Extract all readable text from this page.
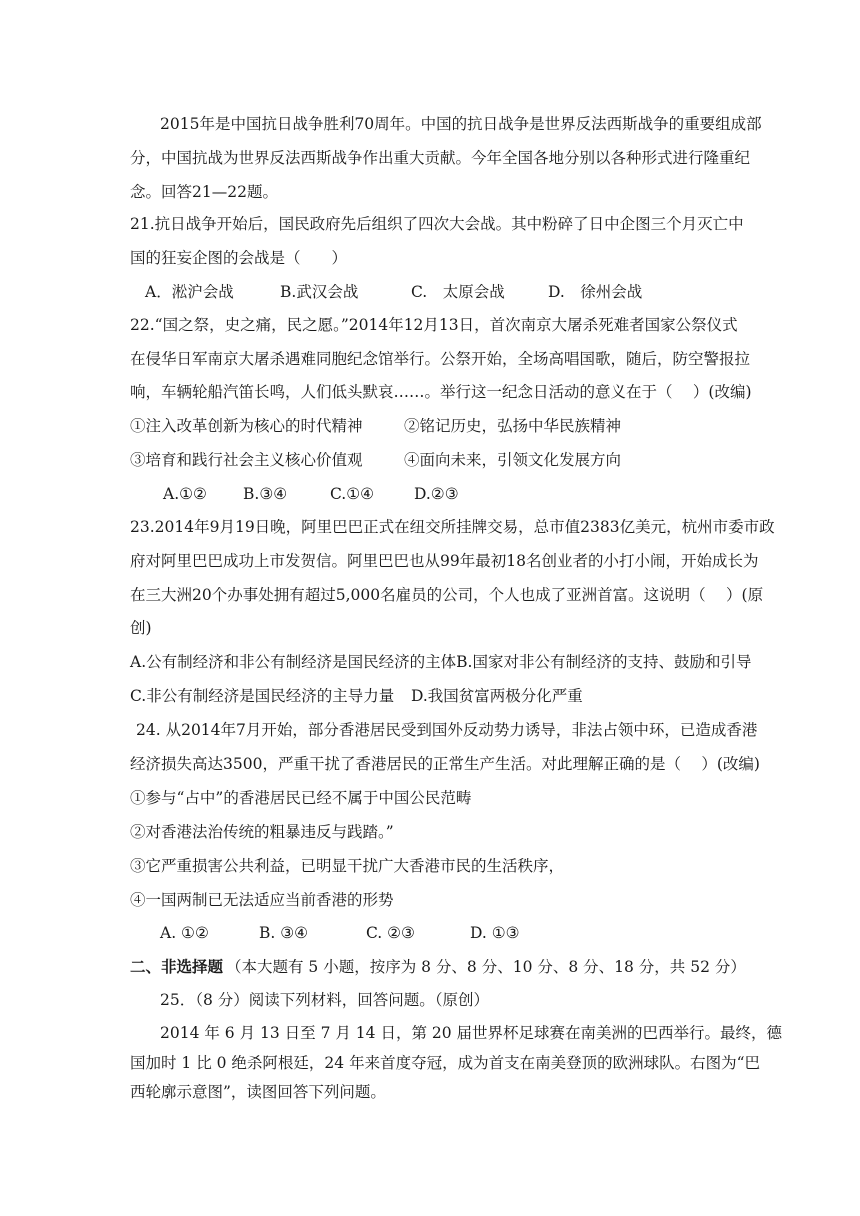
2015年是中国抗日战争胜利70周年。中国的抗日战争是世界反法西斯战争的重要组成部
分，中国抗战为世界反法西斯战争作出重大贡献。今年全国各地分别以各种形式进行隆重纪
念。回答21—22题。
21.抗日战争开始后，国民政府先后组织了四次大会战。其中粉碎了日中企图三个月灭亡中
国的狂妄企图的会战是（　　）
A．淞沪会战	B.武汉会战	C.　太原会战	D.　徐州会战
22.“国之祭，史之痛，民之愿。”2014年12月13日，首次南京大屠杀死难者国家公祭仪式
在侵华日军南京大屠杀遇难同胞纪念馆举行。公祭开始，全场高唱国歌，随后，防空警报拉
响，车辆轮船汽笛长鸣，人们低头默哀……。举行这一纪念日活动的意义在于（　 ）(改编)
①注入改革创新为核心的时代精神	②铭记历史，弘扬中华民族精神
③培育和践行社会主义核心价值观	④面向未来，引领文化发展方向
A.①② B.③④	C.①④	D.②③
23.2014年9月19日晚，阿里巴巴正式在纽交所挂牌交易，总市值2383亿美元，杭州市委市政
府对阿里巴巴成功上市发贺信。阿里巴巴也从99年最初18名创业者的小打小闹，开始成长为
在三大洲20个办事处拥有超过5,000名雇员的公司，个人也成了亚洲首富。这说明（　 ）(原
创)
A.公有制经济和非公有制经济是国民经济的主体B.国家对非公有制经济的支持、鼓励和引导
C.非公有制经济是国民经济的主导力量 D.我国贫富两极分化严重
24. 从2014年7月开始，部分香港居民受到国外反动势力诱导，非法占领中环，已造成香港
经济损失高达3500，严重干扰了香港居民的正常生产生活。对此理解正确的是（　 ）(改编)
①参与“占中”的香港居民已经不属于中国公民范畴
②对香港法治传统的粗暴违反与践踏。”
③它严重损害公共利益，已明显干扰广大香港市民的生活秩序，
④一国两制已无法适应当前香港的形势
A. ①②	B. ③④	C. ②③	D. ①③
二、非选择题 （本大题有 5 小题，按序为 8 分、8 分、10 分、8 分、18 分，共 52 分）
25．（8 分）阅读下列材料，回答问题。（原创）
2014 年 6 月 13 日至 7 月 14 日，第 20 届世界杯足球赛在南美洲的巴西举行。最终，德
国加时 1 比 0 绝杀阿根廷，24 年来首度夺冠，成为首支在南美登顶的欧洲球队。右图为“巴
西轮廓示意图”，读图回答下列问题。
